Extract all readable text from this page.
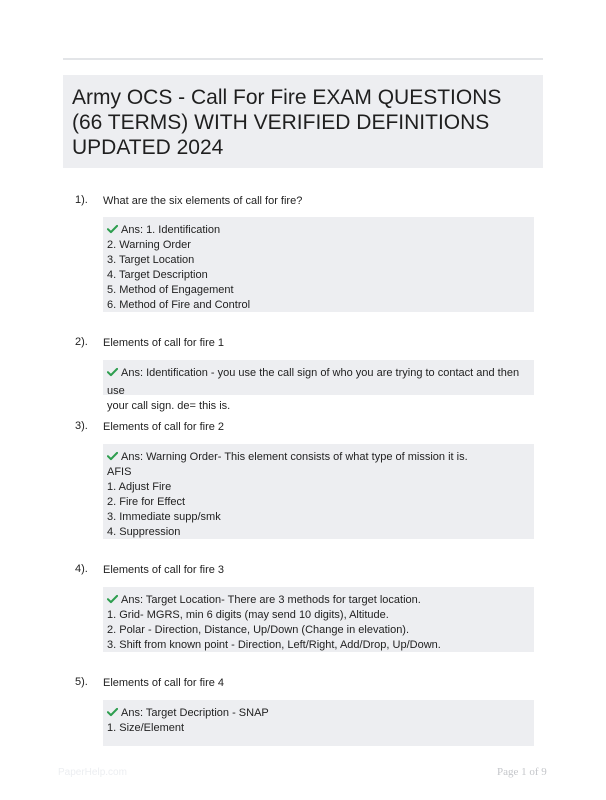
Army OCS - Call For Fire EXAM QUESTIONS (66 TERMS) WITH VERIFIED DEFINITIONS UPDATED 2024
1). What are the six elements of call for fire?
Ans: 1. Identification
2. Warning Order
3. Target Location
4. Target Description
5. Method of Engagement
6. Method of Fire and Control
2). Elements of call for fire 1
Ans: Identification - you use the call sign of who you are trying to contact and then use
your call sign. de= this is.
3). Elements of call for fire 2
Ans: Warning Order- This element consists of what type of mission it is.
AFIS
1. Adjust Fire
2. Fire for Effect
3. Immediate supp/smk
4. Suppression
4). Elements of call for fire 3
Ans: Target Location- There are 3 methods for target location.
1. Grid- MGRS, min 6 digits (may send 10 digits), Altitude.
2. Polar - Direction, Distance, Up/Down (Change in elevation).
3. Shift from known point - Direction, Left/Right, Add/Drop, Up/Down.
5). Elements of call for fire 4
Ans: Target Decription - SNAP
1. Size/Element
PaperHelp.com	Page 1 of 9
